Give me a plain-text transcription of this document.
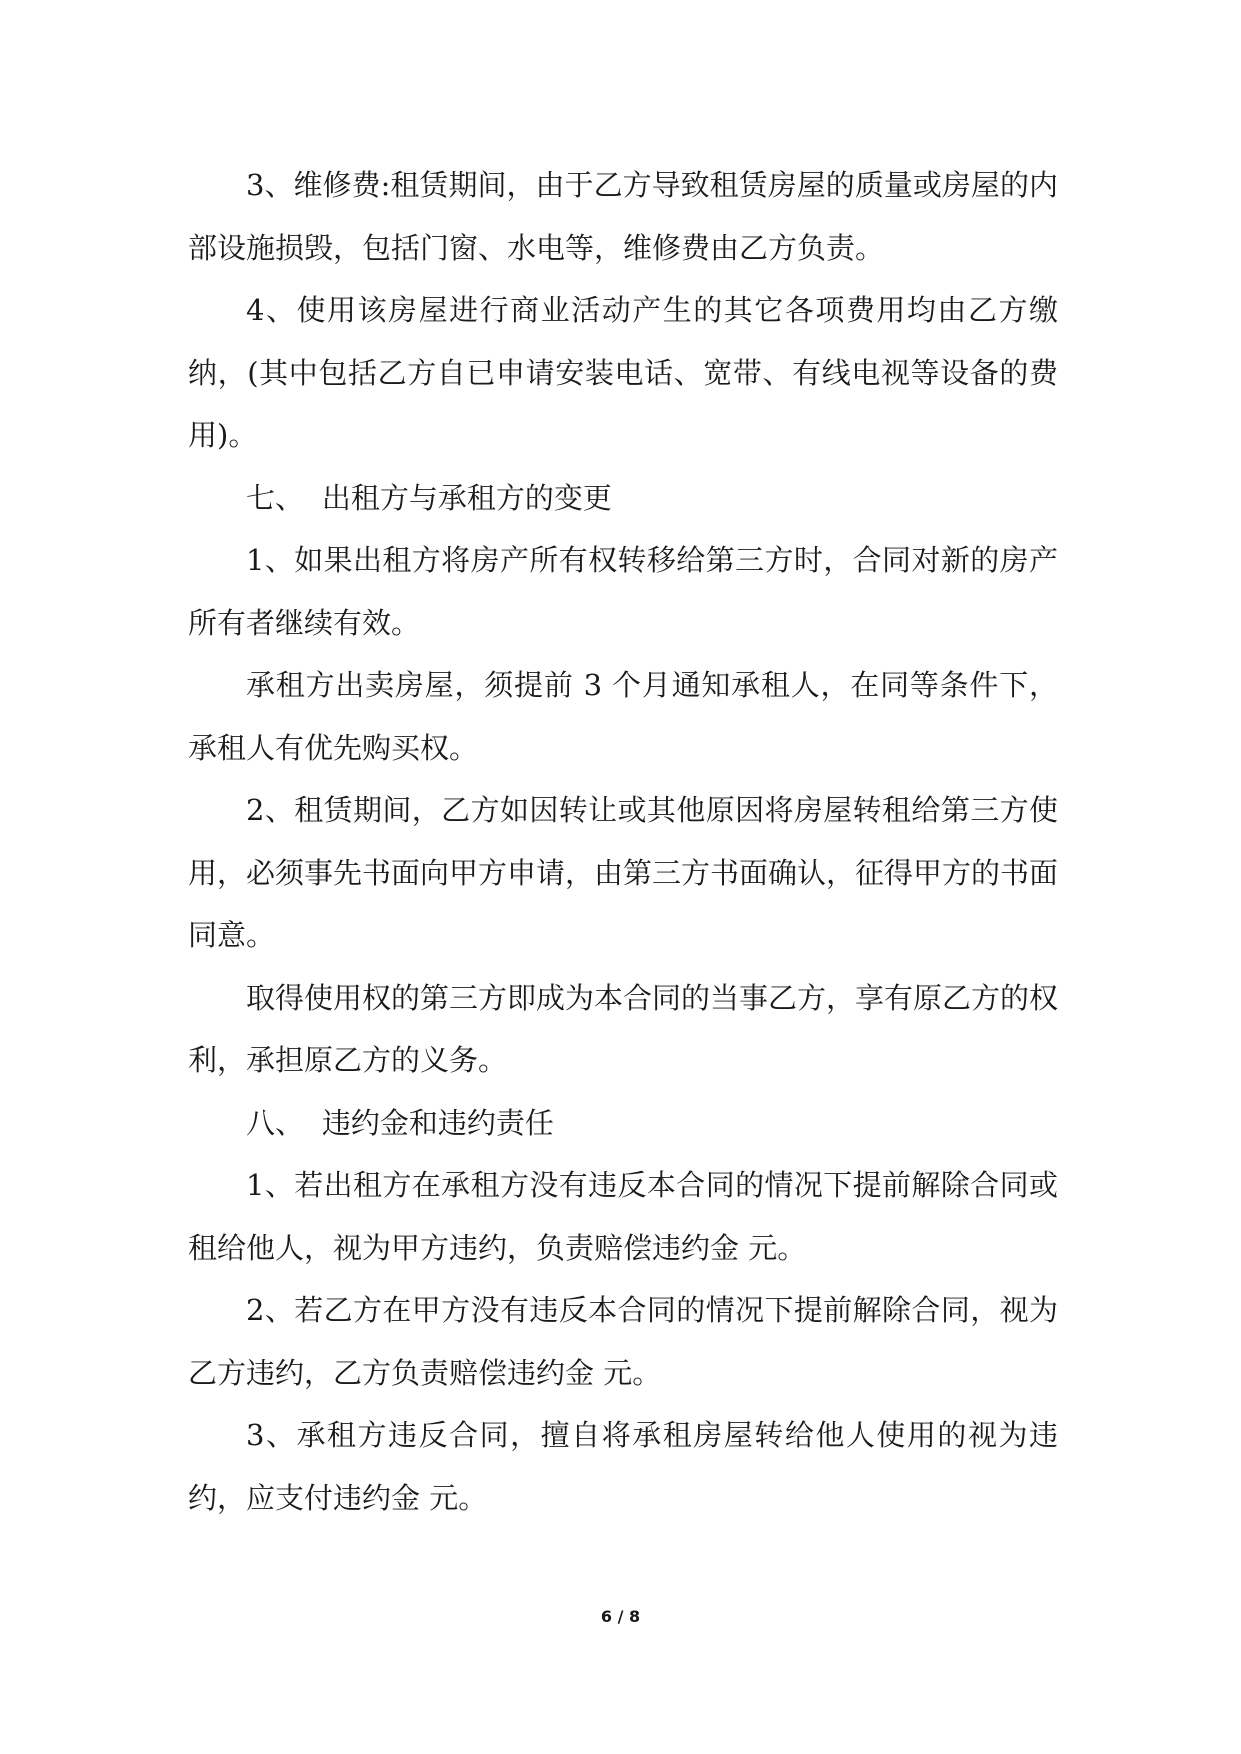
3、维修费:租赁期间，由于乙方导致租赁房屋的质量或房屋的内部设施损毁，包括门窗、水电等，维修费由乙方负责。

4、使用该房屋进行商业活动产生的其它各项费用均由乙方缴纳，(其中包括乙方自已申请安装电话、宽带、有线电视等设备的费用)。

七、 出租方与承租方的变更

1、如果出租方将房产所有权转移给第三方时，合同对新的房产所有者继续有效。

承租方出卖房屋，须提前 3 个月通知承租人，在同等条件下，承租人有优先购买权。

2、租赁期间，乙方如因转让或其他原因将房屋转租给第三方使用，必须事先书面向甲方申请，由第三方书面确认，征得甲方的书面同意。

取得使用权的第三方即成为本合同的当事乙方，享有原乙方的权利，承担原乙方的义务。

八、 违约金和违约责任

1、若出租方在承租方没有违反本合同的情况下提前解除合同或租给他人，视为甲方违约，负责赔偿违约金 元。

2、若乙方在甲方没有违反本合同的情况下提前解除合同，视为乙方违约，乙方负责赔偿违约金 元。

3、承租方违反合同，擅自将承租房屋转给他人使用的视为违约，应支付违约金 元。

6 / 8
